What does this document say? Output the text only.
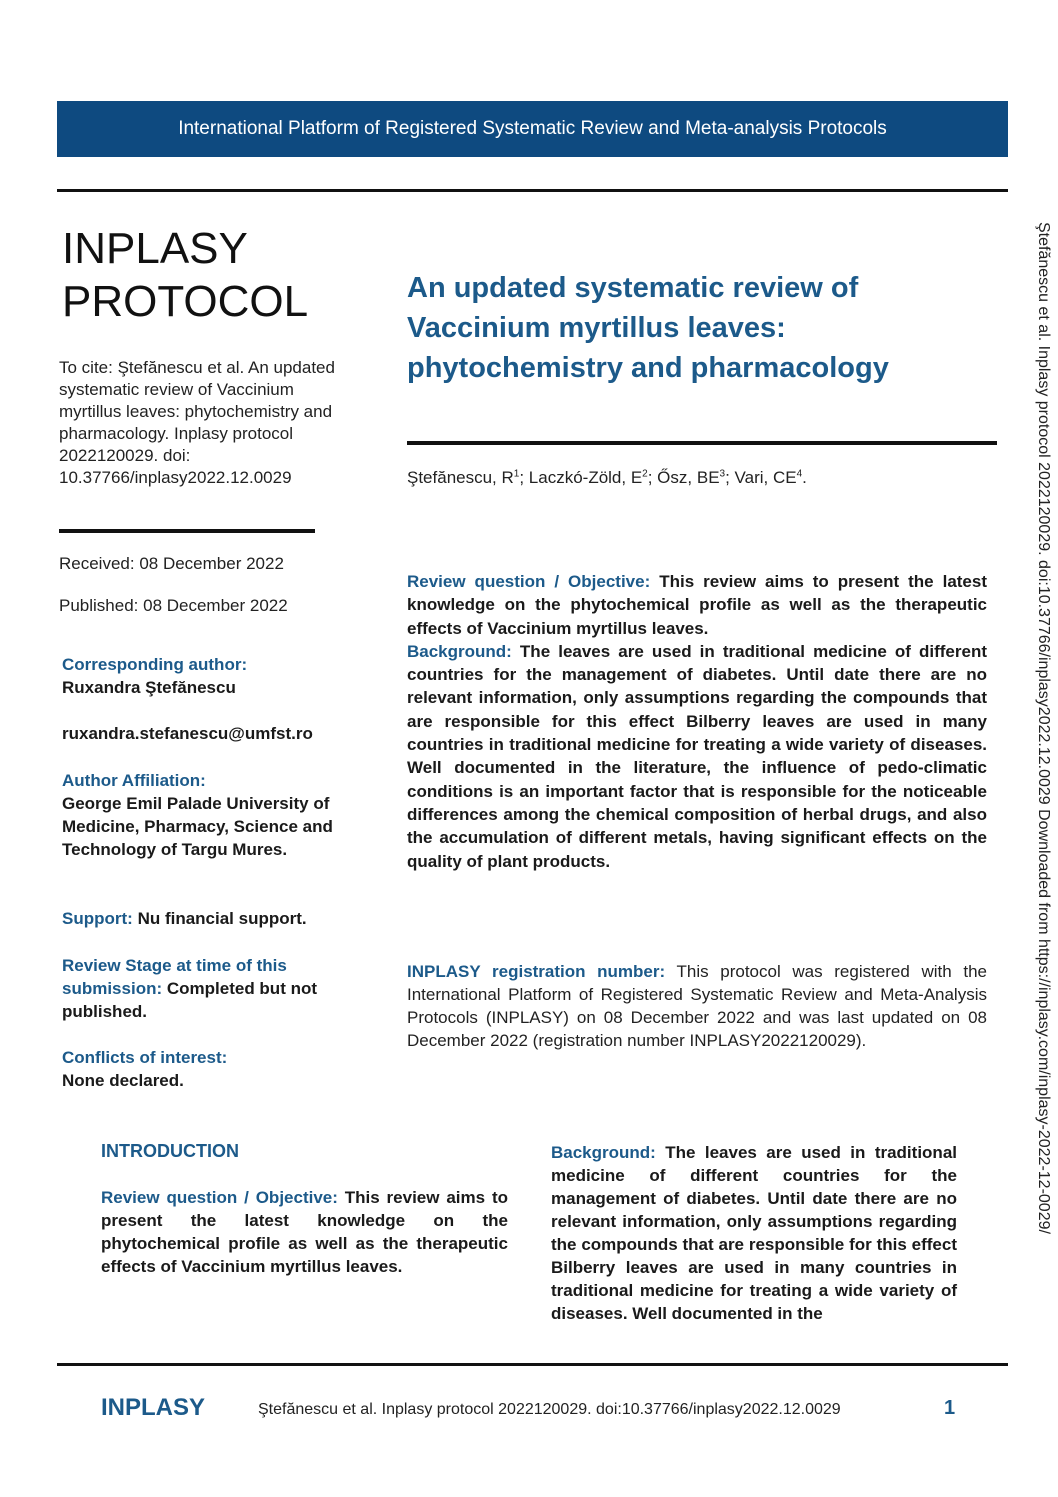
International Platform of Registered Systematic Review and Meta-analysis Protocols
INPLASY
PROTOCOL
To cite: Ştefănescu et al. An updated systematic review of Vaccinium myrtillus leaves: phytochemistry and pharmacology. Inplasy protocol 2022120029. doi: 10.37766/inplasy2022.12.0029
Received: 08 December 2022
Published: 08 December 2022
Corresponding author:
Ruxandra Ştefănescu
ruxandra.stefanescu@umfst.ro
Author Affiliation:
George Emil Palade University of Medicine, Pharmacy, Science and Technology of Targu Mures.
Support: Nu financial support.
Review Stage at time of this submission: Completed but not published.
Conflicts of interest:
None declared.
An updated systematic review of Vaccinium myrtillus leaves: phytochemistry and pharmacology
Ştefănescu, $R^1$; Laczkó-Zöld, $E^2$; Ősz, $BE^3$; Vari, $CE^4$.

Review question / Objective: This review aims to present the latest knowledge on the phytochemical profile as well as the therapeutic effects of Vaccinium myrtillus leaves.

Background: The leaves are used in traditional medicine of different countries for the management of diabetes. Until date there are no relevant information, only assumptions regarding the compounds that are responsible for this effect Bilberry leaves are used in many countries in traditional medicine for treating a wide variety of diseases. Well documented in the literature, the influence of pedo-climatic conditions is an important factor that is responsible for the noticeable differences among the chemical composition of herbal drugs, and also the accumulation of different metals, having significant effects on the quality of plant products.

INPLASY registration number: This protocol was registered with the International Platform of Registered Systematic Review and Meta-Analysis Protocols (INPLASY) on 08 December 2022 and was last updated on 08 December 2022 (registration number INPLASY2022120029).
INTRODUCTION
Review question / Objective: This review aims to present the latest knowledge on the phytochemical profile as well as the therapeutic effects of Vaccinium myrtillus leaves.
Background: The leaves are used in traditional medicine of different countries for the management of diabetes. Until date there are no relevant information, only assumptions regarding the compounds that are responsible for this effect Bilberry leaves are used in many countries in traditional medicine for treating a wide variety of diseases. Well documented in the
INPLASY	Ştefănescu et al. Inplasy protocol 2022120029. doi:10.37766/inplasy2022.12.0029	1
Ştefănescu et al. Inplasy protocol 2022120029. doi:10.37766/inplasy2022.12.0029 Downloaded from https://inplasy.com/inplasy-2022-12-0029/
